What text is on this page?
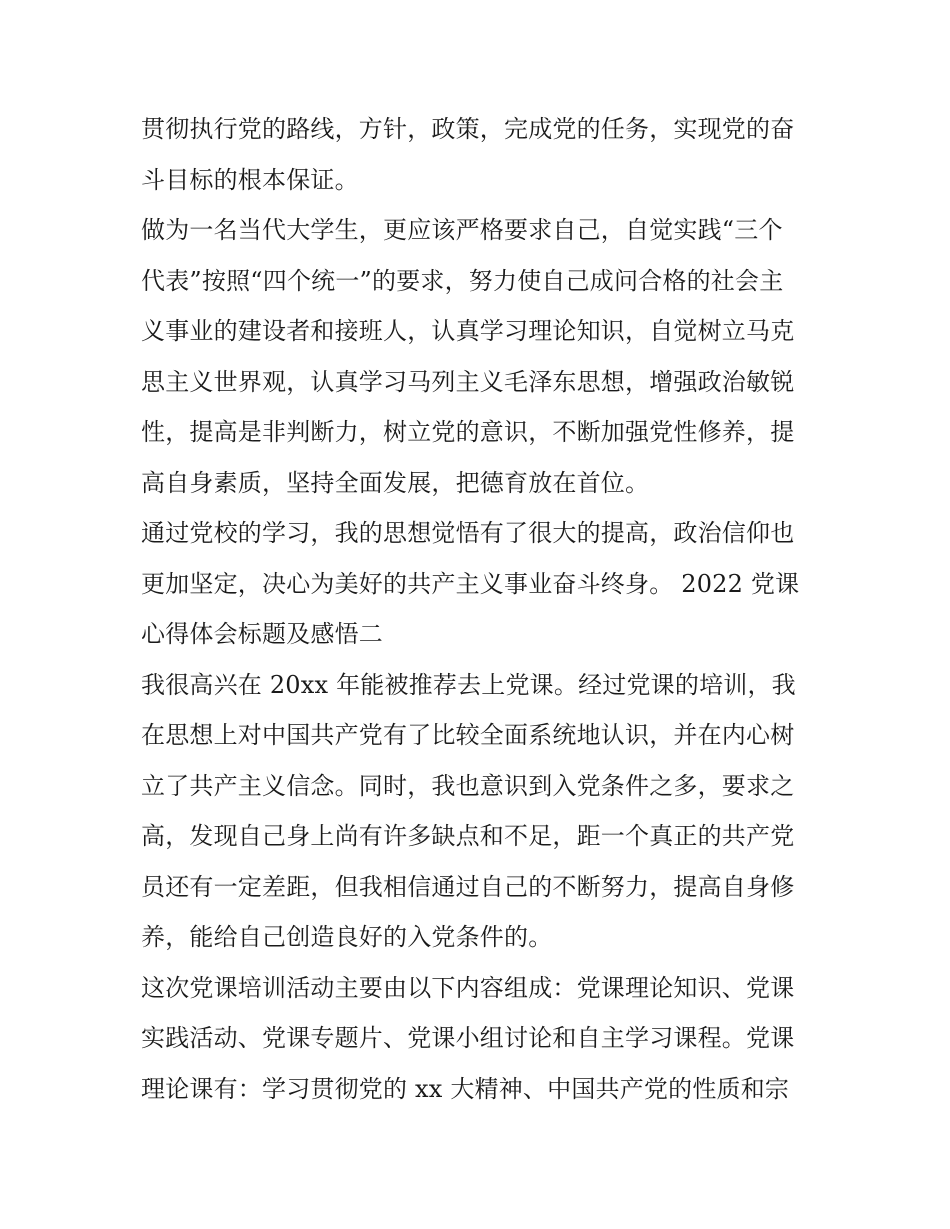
贯彻执行党的路线，方针，政策，完成党的任务，实现党的奋
斗目标的根本保证。
做为一名当代大学生，更应该严格要求自己，自觉实践“三个
代表”按照“四个统一”的要求，努力使自己成问合格的社会主
义事业的建设者和接班人，认真学习理论知识，自觉树立马克
思主义世界观，认真学习马列主义毛泽东思想，增强政治敏锐
性，提高是非判断力，树立党的意识，不断加强党性修养，提
高自身素质，坚持全面发展，把德育放在首位。
通过党校的学习，我的思想觉悟有了很大的提高，政治信仰也
更加坚定，决心为美好的共产主义事业奋斗终身。 2022 党课
心得体会标题及感悟二
我很高兴在 20xx 年能被推荐去上党课。经过党课的培训，我
在思想上对中国共产党有了比较全面系统地认识，并在内心树
立了共产主义信念。同时，我也意识到入党条件之多，要求之
高，发现自己身上尚有许多缺点和不足，距一个真正的共产党
员还有一定差距，但我相信通过自己的不断努力，提高自身修
养，能给自己创造良好的入党条件的。
这次党课培训活动主要由以下内容组成：党课理论知识、党课
实践活动、党课专题片、党课小组讨论和自主学习课程。党课
理论课有：学习贯彻党的 xx 大精神、中国共产党的性质和宗
